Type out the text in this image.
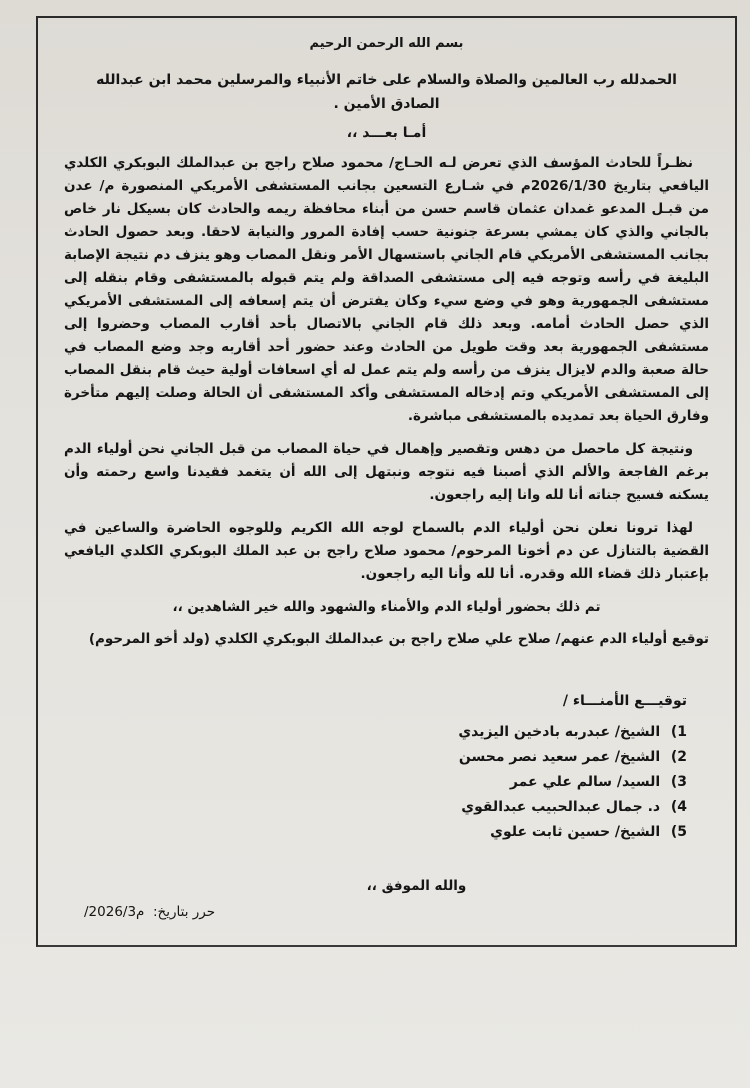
بسم الله الرحمن الرحيم
الحمدلله رب العالمين والصلاة والسلام على خاتم الأنبياء والمرسلين محمد ابن عبدالله الصادق الأمين .
أمـا بعـــد ،،

نظـراً للحادث المؤسف الذي تعرض لـه الحـاج/ محمود صلاح راجح بن عبدالملك البوبكري الكلدي اليافعي بتاريخ 2026/1/30م في شـارع التسعين بجانب المستشفى الأمريكي المنصورة م/ عدن من قبـل المدعو غمدان عثمان قاسم حسن من أبناء محافظة ريمه والحادث كان بسيكل نار خاص بالجاني والذي كان يمشي بسرعة جنونية حسب إفادة المرور والنيابة لاحقا. وبعد حصول الحادث بجانب المستشفى الأمريكي قام الجاني باستسهال الأمر ونقل المصاب وهو ينزف دم نتيجة الإصابة البليغة في رأسه وتوجه فيه إلى مستشفى الصداقة ولم يتم قبوله بالمستشفى وقام بنقله إلى مستشفى الجمهورية وهو في وضع سيء وكان يفترض أن يتم إسعافه إلى المستشفى الأمريكي الذي حصل الحادث أمامه. وبعد ذلك قام الجاني بالاتصال بأحد أقارب المصاب وحضروا إلى مستشفى الجمهورية بعد وقت طويل من الحادث وعند حضور أحد أقاربه وجد وضع المصاب في حالة صعبة والدم لايزال ينزف من رأسه ولم يتم عمل له أي اسعافات أولية حيث قام بنقل المصاب إلى المستشفى الأمريكي وتم إدخاله المستشفى وأكد المستشفى أن الحالة وصلت إليهم متأخرة وفارق الحياة بعد تمديده بالمستشفى مباشرة.

ونتيجة كل ماحصل من دهس وتقصير وإهمال في حياة المصاب من قبل الجاني نحن أولياء الدم برغم الفاجعة والألم الذي أصبنا فيه نتوجه ونبتهل إلى الله أن يتغمد فقيدنا واسع رحمته وأن يسكنه فسيح جناته أنا لله وانا إليه راجعون.

لهذا ترونا نعلن نحن أولياء الدم بالسماح لوجه الله الكريم وللوجوه الحاضرة والساعين في القضية بالتنازل عن دم أخونا المرحوم/ محمود صلاح راجح بن عبد الملك البوبكري الكلدي اليافعي بإعتبار ذلك قضاء الله وقدره. أنا لله وأنا اليه راجعون.

تم ذلك بحضور أولياء الدم والأمناء والشهود والله خير الشاهدين ،،
توقيع أولياء الدم عنهم/ صلاح علي صلاح راجح بن عبدالملك البوبكري الكلدي (ولد أخو المرحوم)
توقيـــع الأمنـــاء /
1) الشيخ/ عبدربه بادخين اليزيدي
2) الشيخ/ عمر سعيد نصر محسن
3) السيد/ سالم علي عمر
4) د. جمال عبدالحبيب عبدالقوي
5) الشيخ/ حسين ثابت علوي
والله الموفق ،،
حرر بتاريخ:  /2026/3م
